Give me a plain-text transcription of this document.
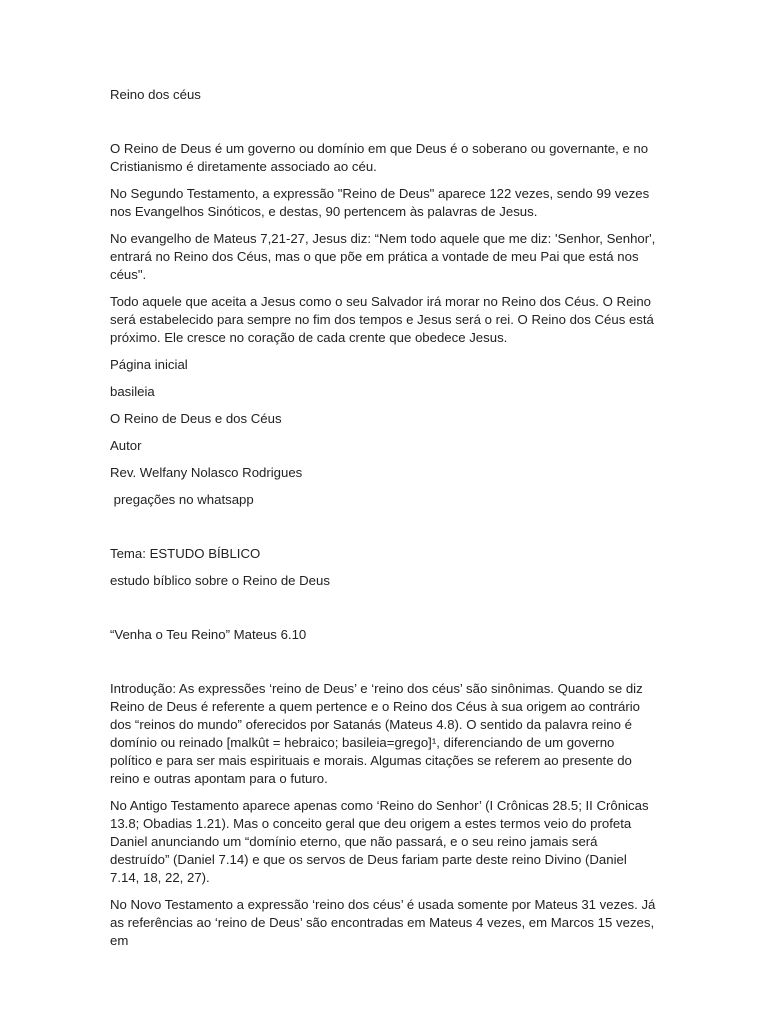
Reino dos céus

O Reino de Deus é um governo ou domínio em que Deus é o soberano ou governante, e no Cristianismo é diretamente associado ao céu.

No Segundo Testamento, a expressão "Reino de Deus" aparece 122 vezes, sendo 99 vezes nos Evangelhos Sinóticos, e destas, 90 pertencem às palavras de Jesus.

No evangelho de Mateus 7,21-27, Jesus diz: “Nem todo aquele que me diz: 'Senhor, Senhor', entrará no Reino dos Céus, mas o que põe em prática a vontade de meu Pai que está nos céus".

Todo aquele que aceita a Jesus como o seu Salvador irá morar no Reino dos Céus. O Reino será estabelecido para sempre no fim dos tempos e Jesus será o rei. O Reino dos Céus está próximo. Ele cresce no coração de cada crente que obedece Jesus.

Página inicial

basileia

O Reino de Deus e dos Céus

Autor

Rev. Welfany Nolasco Rodrigues

pregações no whatsapp

Tema: ESTUDO BÍBLICO

estudo bíblico sobre o Reino de Deus

“Venha o Teu Reino” Mateus 6.10

Introdução: As expressões ‘reino de Deus’ e ‘reino dos céus’ são sinônimas. Quando se diz Reino de Deus é referente a quem pertence e o Reino dos Céus à sua origem ao contrário dos “reinos do mundo” oferecidos por Satanás (Mateus 4.8). O sentido da palavra reino é domínio ou reinado [malkût = hebraico; basileia=grego]¹, diferenciando de um governo político e para ser mais espirituais e morais. Algumas citações se referem ao presente do reino e outras apontam para o futuro.

No Antigo Testamento aparece apenas como ‘Reino do Senhor’ (I Crônicas 28.5; II Crônicas 13.8; Obadias 1.21). Mas o conceito geral que deu origem a estes termos veio do profeta Daniel anunciando um “domínio eterno, que não passará, e o seu reino jamais será destruído” (Daniel 7.14) e que os servos de Deus fariam parte deste reino Divino (Daniel 7.14, 18, 22, 27).

No Novo Testamento a expressão ‘reino dos céus’ é usada somente por Mateus 31 vezes. Já as referências ao ‘reino de Deus’ são encontradas em Mateus 4 vezes, em Marcos 15 vezes, em
